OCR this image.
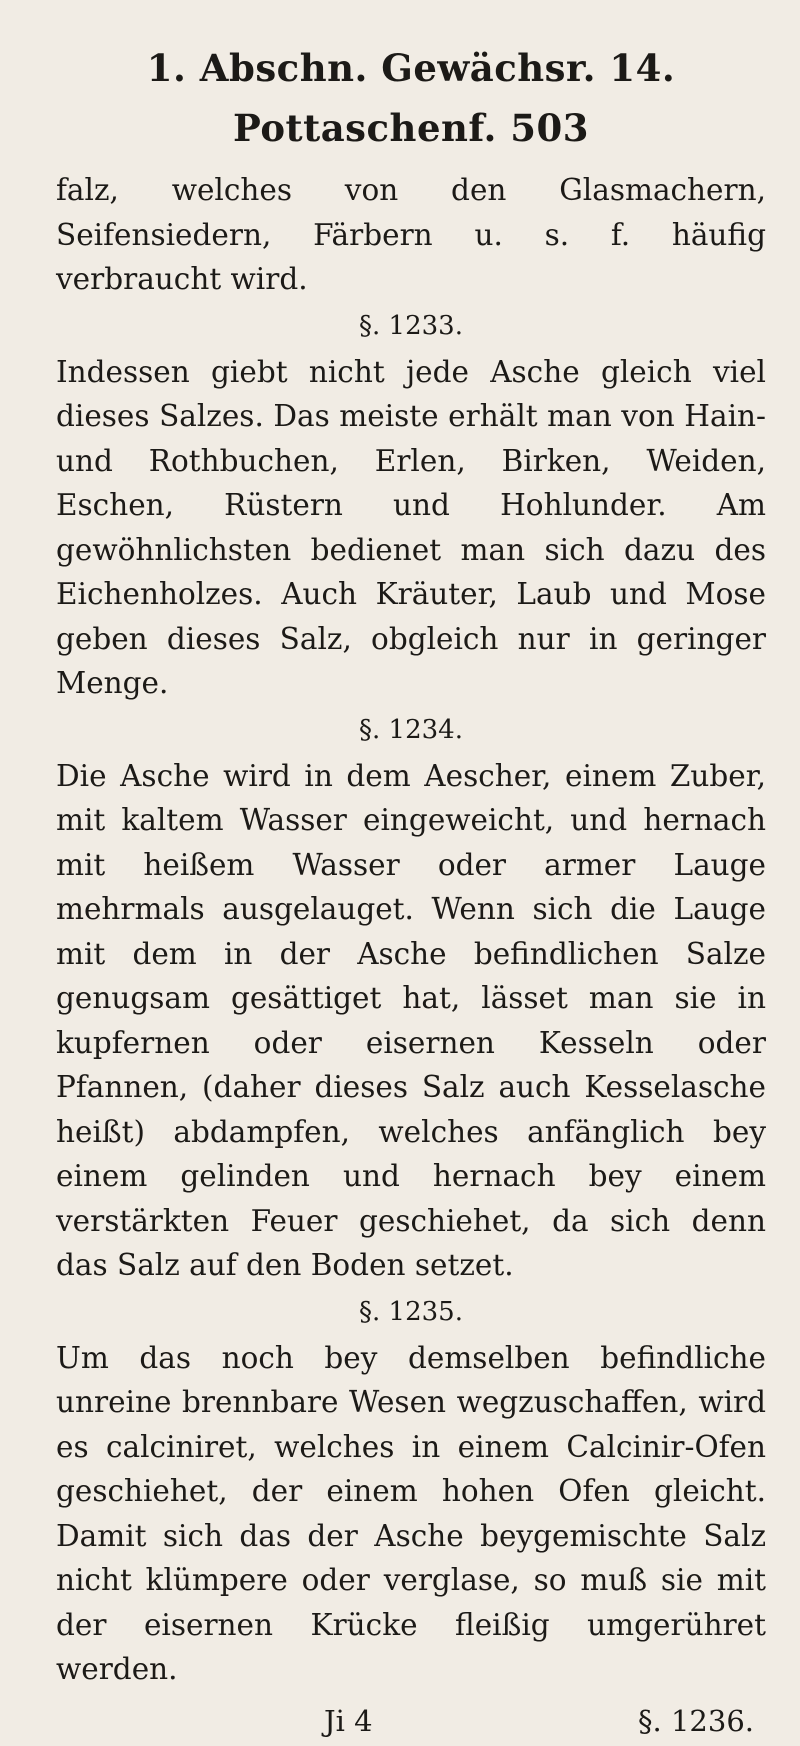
1. Abschn. Gewächsr. 14. Pottaschenf. 503

falz, welches von den Glasmachern, Seifensiedern, Färbern u. s. f. häufig verbraucht wird.

§. 1233.

Indessen giebt nicht jede Asche gleich viel dieses Salzes. Das meiste erhält man von Hain-und Rothbuchen, Erlen, Birken, Weiden, Eschen, Rüstern und Hohlunder. Am gewöhnlichsten bedienet man sich dazu des Eichenholzes. Auch Kräuter, Laub und Mose geben dieses Salz, obgleich nur in geringer Menge.

§. 1234.

Die Asche wird in dem Aescher, einem Zuber, mit kaltem Wasser eingeweicht, und hernach mit heißem Wasser oder armer Lauge mehrmals ausgelauget. Wenn sich die Lauge mit dem in der Asche befindlichen Salze genugsam gesättiget hat, lässet man sie in kupfernen oder eisernen Kesseln oder Pfannen, (daher dieses Salz auch Kesselasche heißt) abdampfen, welches anfänglich bey einem gelinden und hernach bey einem verstärkten Feuer geschiehet, da sich denn das Salz auf den Boden setzet.

§. 1235.

Um das noch bey demselben befindliche unreine brennbare Wesen wegzuschaffen, wird es calciniret, welches in einem Calcinir-Ofen geschiehet, der einem hohen Ofen gleicht. Damit sich das der Asche beygemischte Salz nicht klümpere oder verglase, so muß sie mit der eisernen Krücke fleißig umgerühret werden.

Ji 4	§. 1236.
